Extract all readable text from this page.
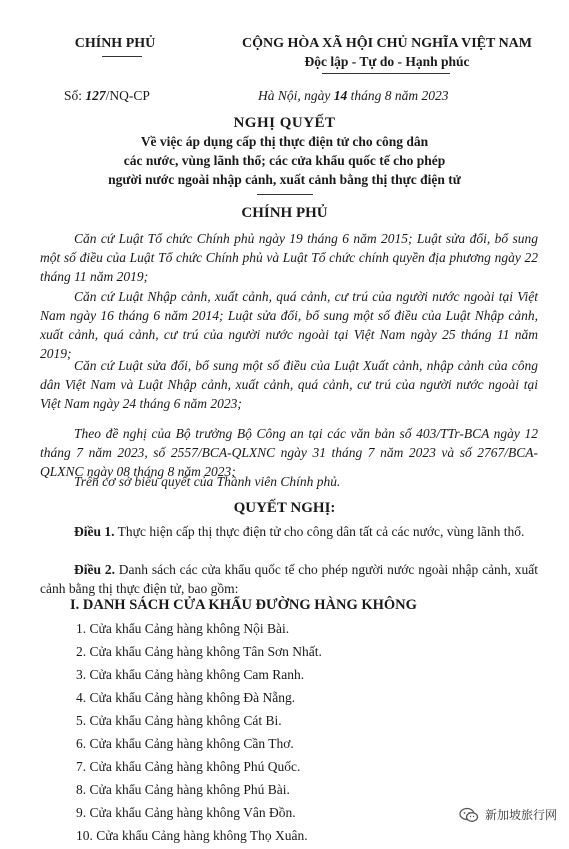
CHÍNH PHỦ	CỘNG HÒA XÃ HỘI CHỦ NGHĨA VIỆT NAM
Độc lập - Tự do - Hạnh phúc
Số: 127/NQ-CP	Hà Nội, ngày 14 tháng 8 năm 2023
NGHỊ QUYẾT
Về việc áp dụng cấp thị thực điện tử cho công dân
các nước, vùng lãnh thổ; các cửa khẩu quốc tế cho phép
người nước ngoài nhập cảnh, xuất cảnh bằng thị thực điện tử
CHÍNH PHỦ

Căn cứ Luật Tổ chức Chính phủ ngày 19 tháng 6 năm 2015; Luật sửa đổi, bổ sung một số điều của Luật Tổ chức Chính phủ và Luật Tổ chức chính quyền địa phương ngày 22 tháng 11 năm 2019;

Căn cứ Luật Nhập cảnh, xuất cảnh, quá cảnh, cư trú của người nước ngoài tại Việt Nam ngày 16 tháng 6 năm 2014; Luật sửa đổi, bổ sung một số điều của Luật Nhập cảnh, xuất cảnh, quá cảnh, cư trú của người nước ngoài tại Việt Nam ngày 25 tháng 11 năm 2019;

Căn cứ Luật sửa đổi, bổ sung một số điều của Luật Xuất cảnh, nhập cảnh của công dân Việt Nam và Luật Nhập cảnh, xuất cảnh, quá cảnh, cư trú của người nước ngoài tại Việt Nam ngày 24 tháng 6 năm 2023;

Theo đề nghị của Bộ trưởng Bộ Công an tại các văn bản số 403/TTr-BCA ngày 12 tháng 7 năm 2023, số 2557/BCA-QLXNC ngày 31 tháng 7 năm 2023 và số 2767/BCA-QLXNC ngày 08 tháng 8 năm 2023;

Trên cơ sở biểu quyết của Thành viên Chính phủ.

QUYẾT NGHỊ:

Điều 1. Thực hiện cấp thị thực điện tử cho công dân tất cả các nước, vùng lãnh thổ.

Điều 2. Danh sách các cửa khẩu quốc tế cho phép người nước ngoài nhập cảnh, xuất cảnh bằng thị thực điện tử, bao gồm:

I. DANH SÁCH CỬA KHẨU ĐƯỜNG HÀNG KHÔNG
1. Cửa khẩu Cảng hàng không Nội Bài.
2. Cửa khẩu Cảng hàng không Tân Sơn Nhất.
3. Cửa khẩu Cảng hàng không Cam Ranh.
4. Cửa khẩu Cảng hàng không Đà Nẵng.
5. Cửa khẩu Cảng hàng không Cát Bi.
6. Cửa khẩu Cảng hàng không Cần Thơ.
7. Cửa khẩu Cảng hàng không Phú Quốc.
8. Cửa khẩu Cảng hàng không Phú Bài.
9. Cửa khẩu Cảng hàng không Vân Đồn.
10. Cửa khẩu Cảng hàng không Thọ Xuân.
新加坡旅行网
